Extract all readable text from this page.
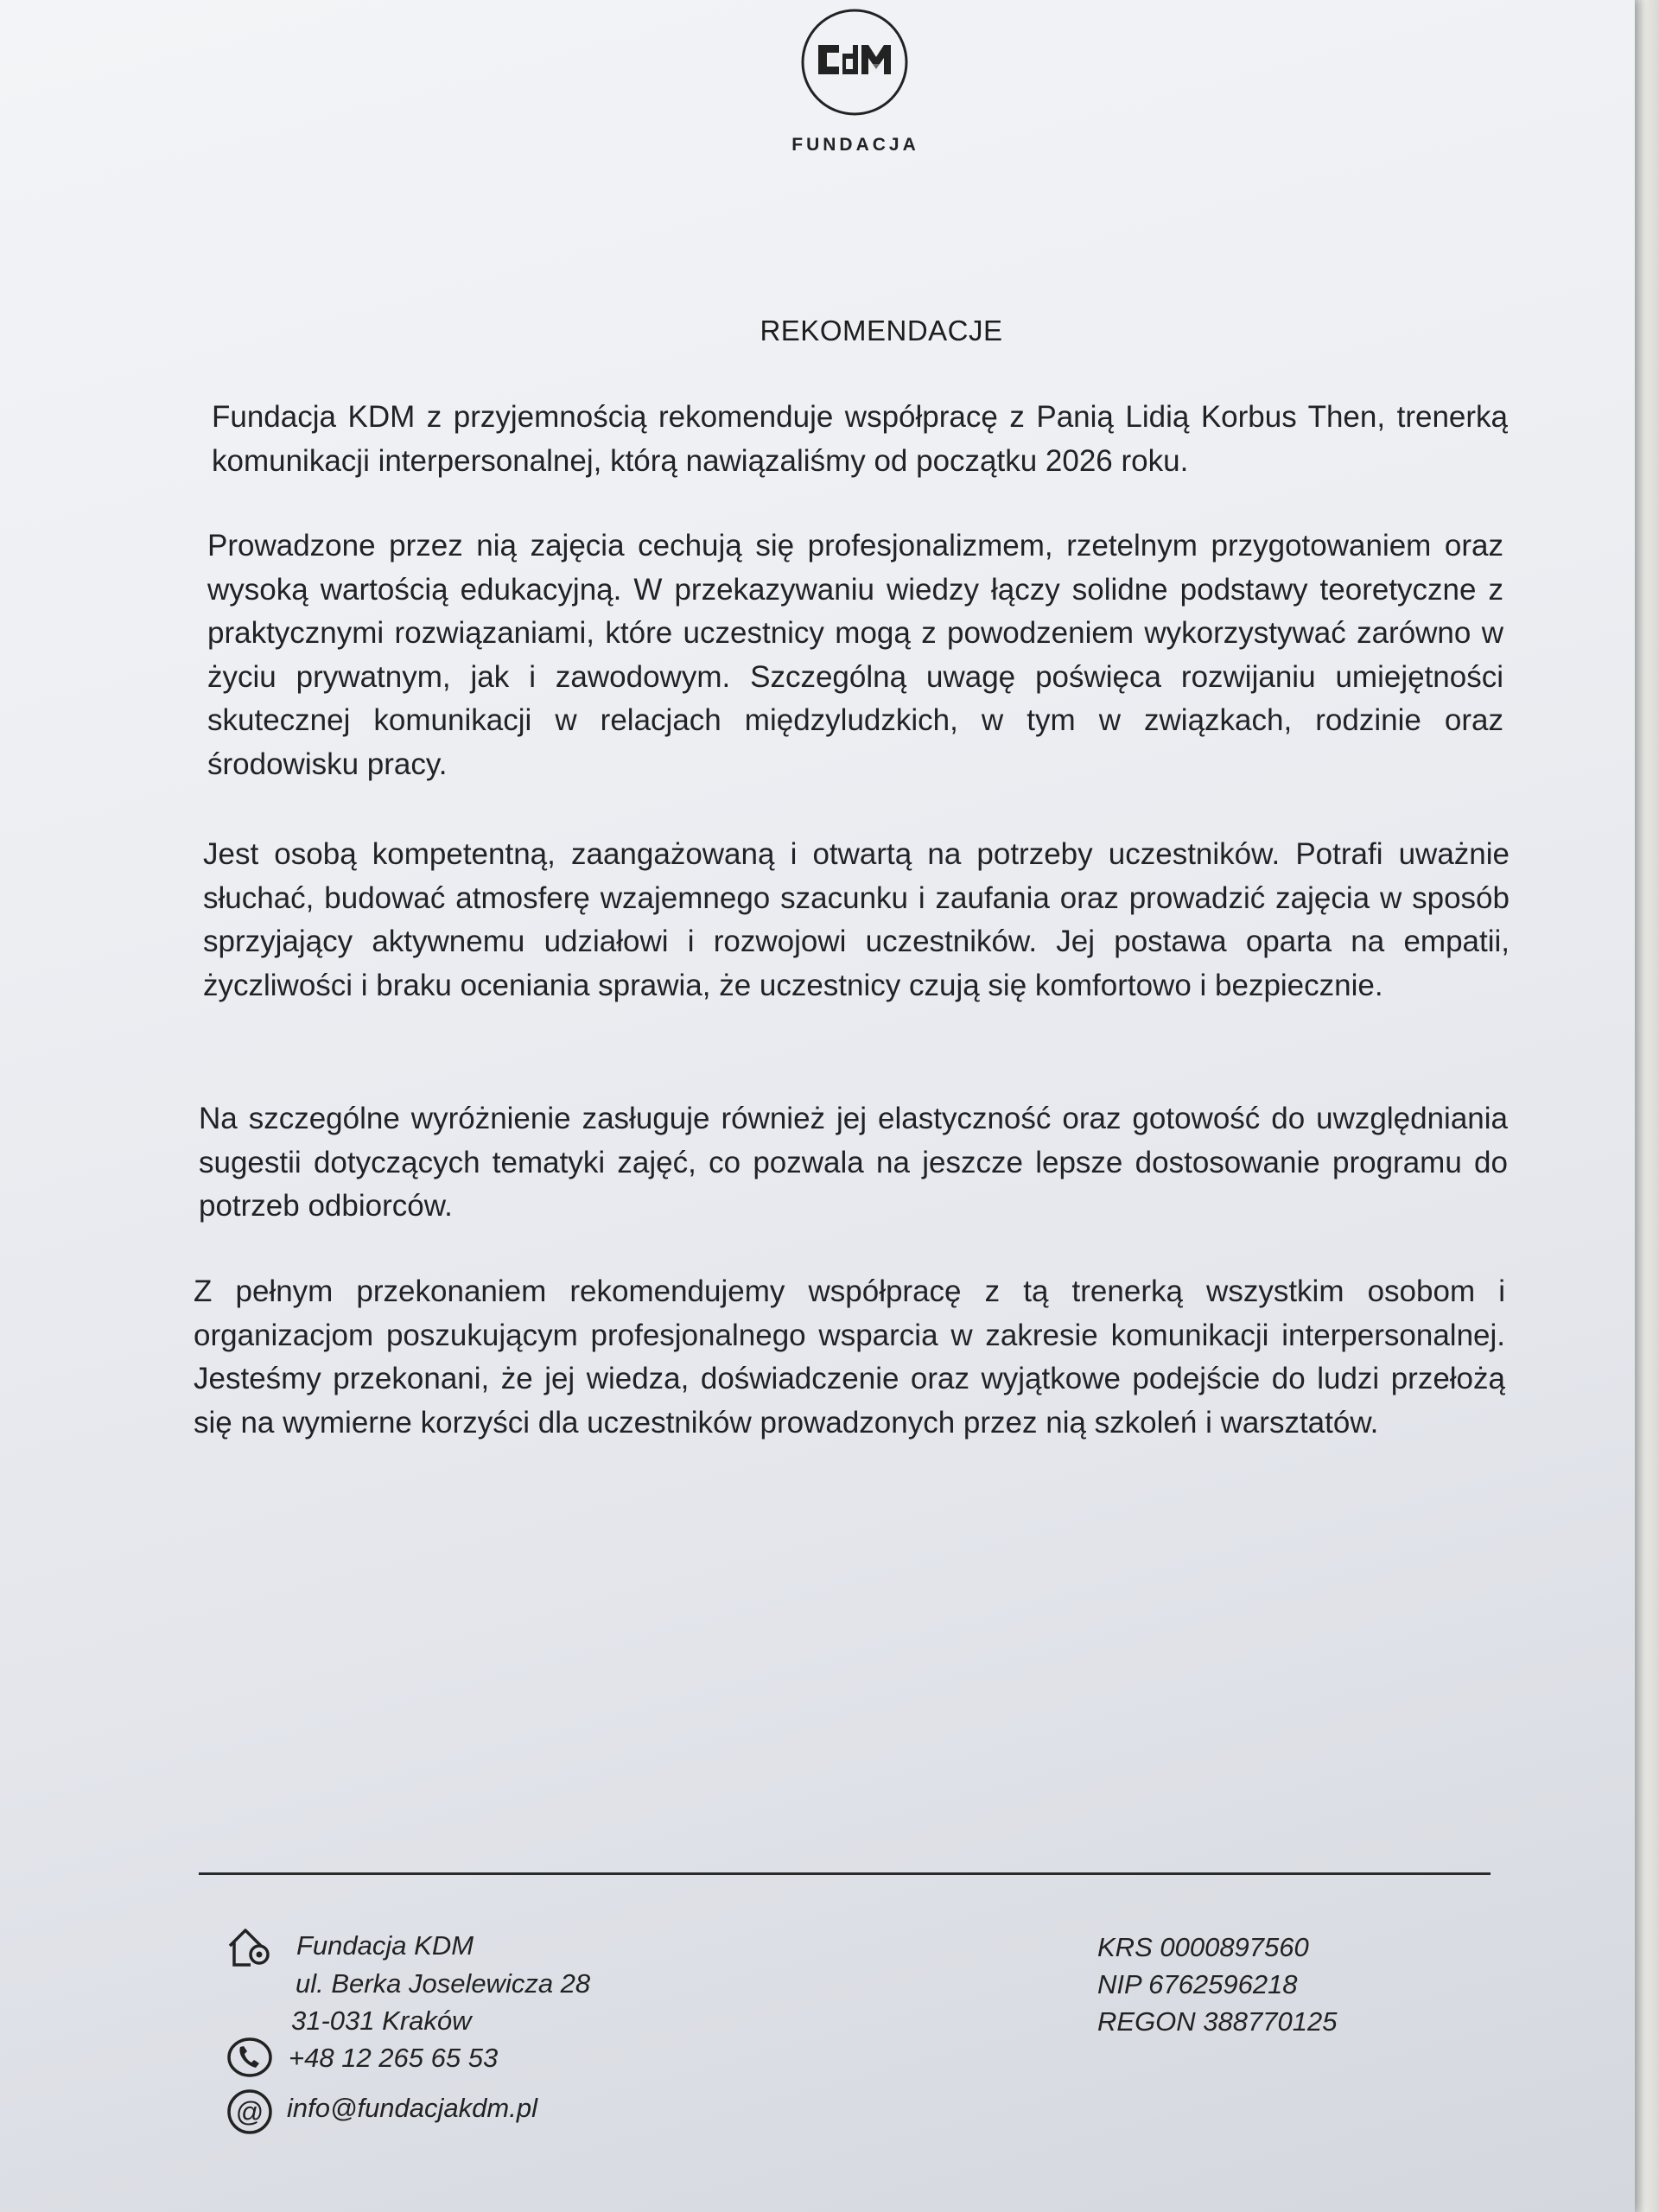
FUNDACJA
REKOMENDACJE

Fundacja KDM z przyjemnością rekomenduje współpracę z Panią Lidią Korbus Then, trenerką komunikacji interpersonalnej, którą nawiązaliśmy od początku 2026 roku.

Prowadzone przez nią zajęcia cechują się profesjonalizmem, rzetelnym przygotowaniem oraz wysoką wartością edukacyjną. W przekazywaniu wiedzy łączy solidne podstawy teoretyczne z praktycznymi rozwiązaniami, które uczestnicy mogą z powodzeniem wykorzystywać zarówno w życiu prywatnym, jak i zawodowym. Szczególną uwagę poświęca rozwijaniu umiejętności skutecznej komunikacji w relacjach międzyludzkich, w tym w związkach, rodzinie oraz środowisku pracy.

Jest osobą kompetentną, zaangażowaną i otwartą na potrzeby uczestników. Potrafi uważnie słuchać, budować atmosferę wzajemnego szacunku i zaufania oraz prowadzić zajęcia w sposób sprzyjający aktywnemu udziałowi i rozwojowi uczestników. Jej postawa oparta na empatii, życzliwości i braku oceniania sprawia, że uczestnicy czują się komfortowo i bezpiecznie.

Na szczególne wyróżnienie zasługuje również jej elastyczność oraz gotowość do uwzględniania sugestii dotyczących tematyki zajęć, co pozwala na jeszcze lepsze dostosowanie programu do potrzeb odbiorców.

Z pełnym przekonaniem rekomendujemy współpracę z tą trenerką wszystkim osobom i organizacjom poszukującym profesjonalnego wsparcia w zakresie komunikacji interpersonalnej. Jesteśmy przekonani, że jej wiedza, doświadczenie oraz wyjątkowe podejście do ludzi przełożą się na wymierne korzyści dla uczestników prowadzonych przez nią szkoleń i warsztatów.

@
Fundacja KDM
ul. Berka Joselewicza 28
31-031 Kraków
+48 12 265 65 53
info@fundacjakdm.pl
KRS 0000897560
NIP 6762596218
REGON 388770125
